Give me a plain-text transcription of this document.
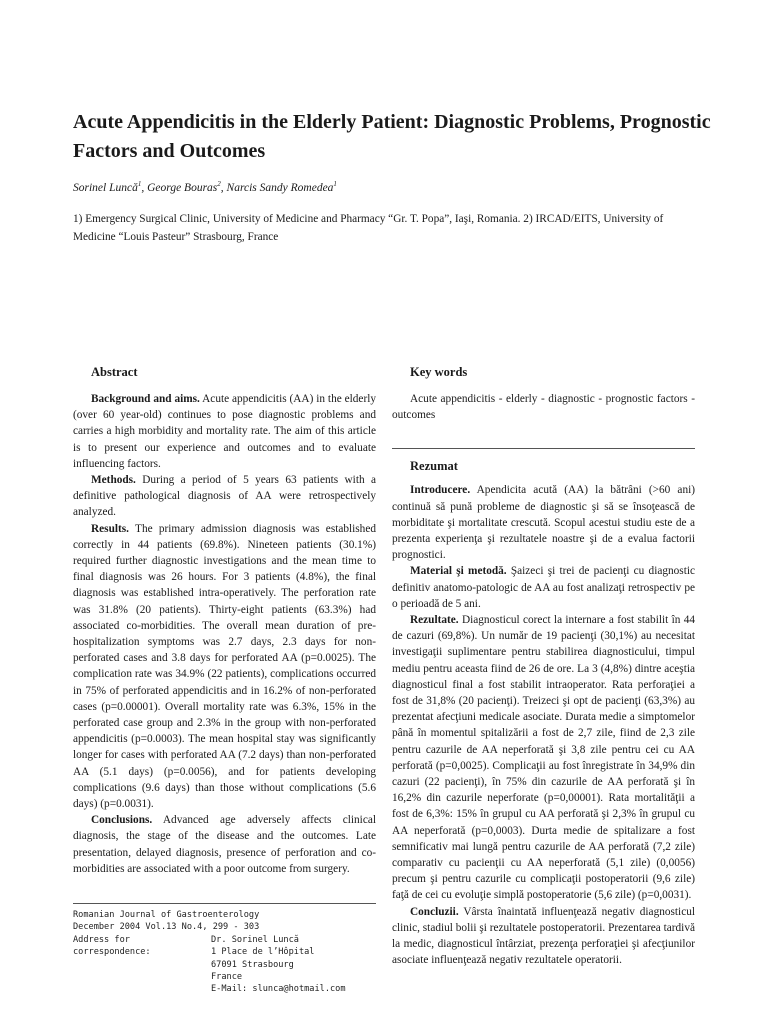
Acute Appendicitis in the Elderly Patient: Diagnostic Problems, Prognostic Factors and Outcomes
Sorinel Luncă$^1$, George Bouras$^2$, Narcis Sandy Romedea$^1$
1) Emergency Surgical Clinic, University of Medicine and Pharmacy “Gr. T. Popa”, Iaşi, Romania. 2) IRCAD/EITS, University of Medicine “Louis Pasteur” Strasbourg, France
Abstract

Background and aims. Acute appendicitis (AA) in the elderly (over 60 year-old) continues to pose diagnostic problems and carries a high morbidity and mortality rate. The aim of this article is to present our experience and outcomes and to evaluate influencing factors.

Methods. During a period of 5 years 63 patients with a definitive pathological diagnosis of AA were retrospectively analyzed.

Results. The primary admission diagnosis was established correctly in 44 patients (69.8%). Nineteen patients (30.1%) required further diagnostic investigations and the mean time to final diagnosis was 26 hours. For 3 patients (4.8%), the final diagnosis was established intra-operatively. The perforation rate was 31.8% (20 patients). Thirty-eight patients (63.3%) had associated co-morbidities. The overall mean duration of pre-hospitalization symptoms was 2.7 days, 2.3 days for non-perforated cases and 3.8 days for perforated AA (p=0.0025). The complication rate was 34.9% (22 patients), complications occurred in 75% of perforated appendicitis and in 16.2% of non-perforated cases (p=0.00001). Overall mortality rate was 6.3%, 15% in the perforated case group and 2.3% in the group with non-perforated appendicitis (p=0.0003). The mean hospital stay was significantly longer for cases with perforated AA (7.2 days) than non-perforated AA (5.1 days) (p=0.0056), and for patients developing complications (9.6 days) than those without complications (5.6 days) (p=0.0031).

Conclusions. Advanced age adversely affects clinical diagnosis, the stage of the disease and the outcomes. Late presentation, delayed diagnosis, presence of perforation and co-morbidities are associated with a poor outcome from surgery.

Key words

Acute appendicitis - elderly - diagnostic - prognostic factors - outcomes

Rezumat

Introducere. Apendicita acută (AA) la bătrâni (>60 ani) continuă să pună probleme de diagnostic şi să se însoţească de morbiditate şi mortalitate crescută. Scopul acestui studiu este de a prezenta experienţa şi rezultatele noastre şi de a evalua factorii prognostici.

Material şi metodă. Şaizeci şi trei de pacienţi cu diagnostic definitiv anatomo-patologic de AA au fost analizaţi retrospectiv pe o perioadă de 5 ani.

Rezultate. Diagnosticul corect la internare a fost stabilit în 44 de cazuri (69,8%). Un număr de 19 pacienţi (30,1%) au necesitat investigaţii suplimentare pentru stabilirea diagnosticului, timpul mediu pentru aceasta fiind de 26 de ore. La 3 (4,8%) dintre aceştia diagnosticul final a fost stabilit intraoperator. Rata perforaţiei a fost de 31,8% (20 pacienţi). Treizeci şi opt de pacienţi (63,3%) au prezentat afecţiuni medicale asociate. Durata medie a simptomelor până în momentul spitalizării a fost de 2,7 zile, fiind de 2,3 zile pentru cazurile de AA neperforată şi 3,8 zile pentru cei cu AA perforată (p=0,0025). Complicaţii au fost înregistrate în 34,9% din cazuri (22 pacienţi), în 75% din cazurile de AA perforată şi în 16,2% din cazurile neperforate (p=0,00001). Rata mortalităţii a fost de 6,3%: 15% în grupul cu AA perforată şi 2,3% în grupul cu AA neperforată (p=0,0003). Durta medie de spitalizare a fost semnificativ mai lungă pentru cazurile de AA perforată (7,2 zile) comparativ cu pacienţii cu AA neperforată (5,1 zile) (0,0056) precum şi pentru cazurile cu complicaţii postoperatorii (9,6 zile) faţă de cei cu evoluţie simplă postoperatorie (5,6 zile) (p=0,0031).

Concluzii. Vârsta înaintată influenţează negativ diagnosticul clinic, stadiul bolii şi rezultatele postoperatorii. Prezentarea tardivă la medic, diagnosticul întârziat, prezenţa perforaţiei şi afecţiunilor asociate influenţează negativ rezultatele operatorii.

Romanian Journal of Gastroenterology
December 2004 Vol.13 No.4, 299 - 303
Address for correspondence:
Dr. Sorinel Luncă
1 Place de l’Hôpital
67091 Strasbourg
France
E-Mail: slunca@hotmail.com
